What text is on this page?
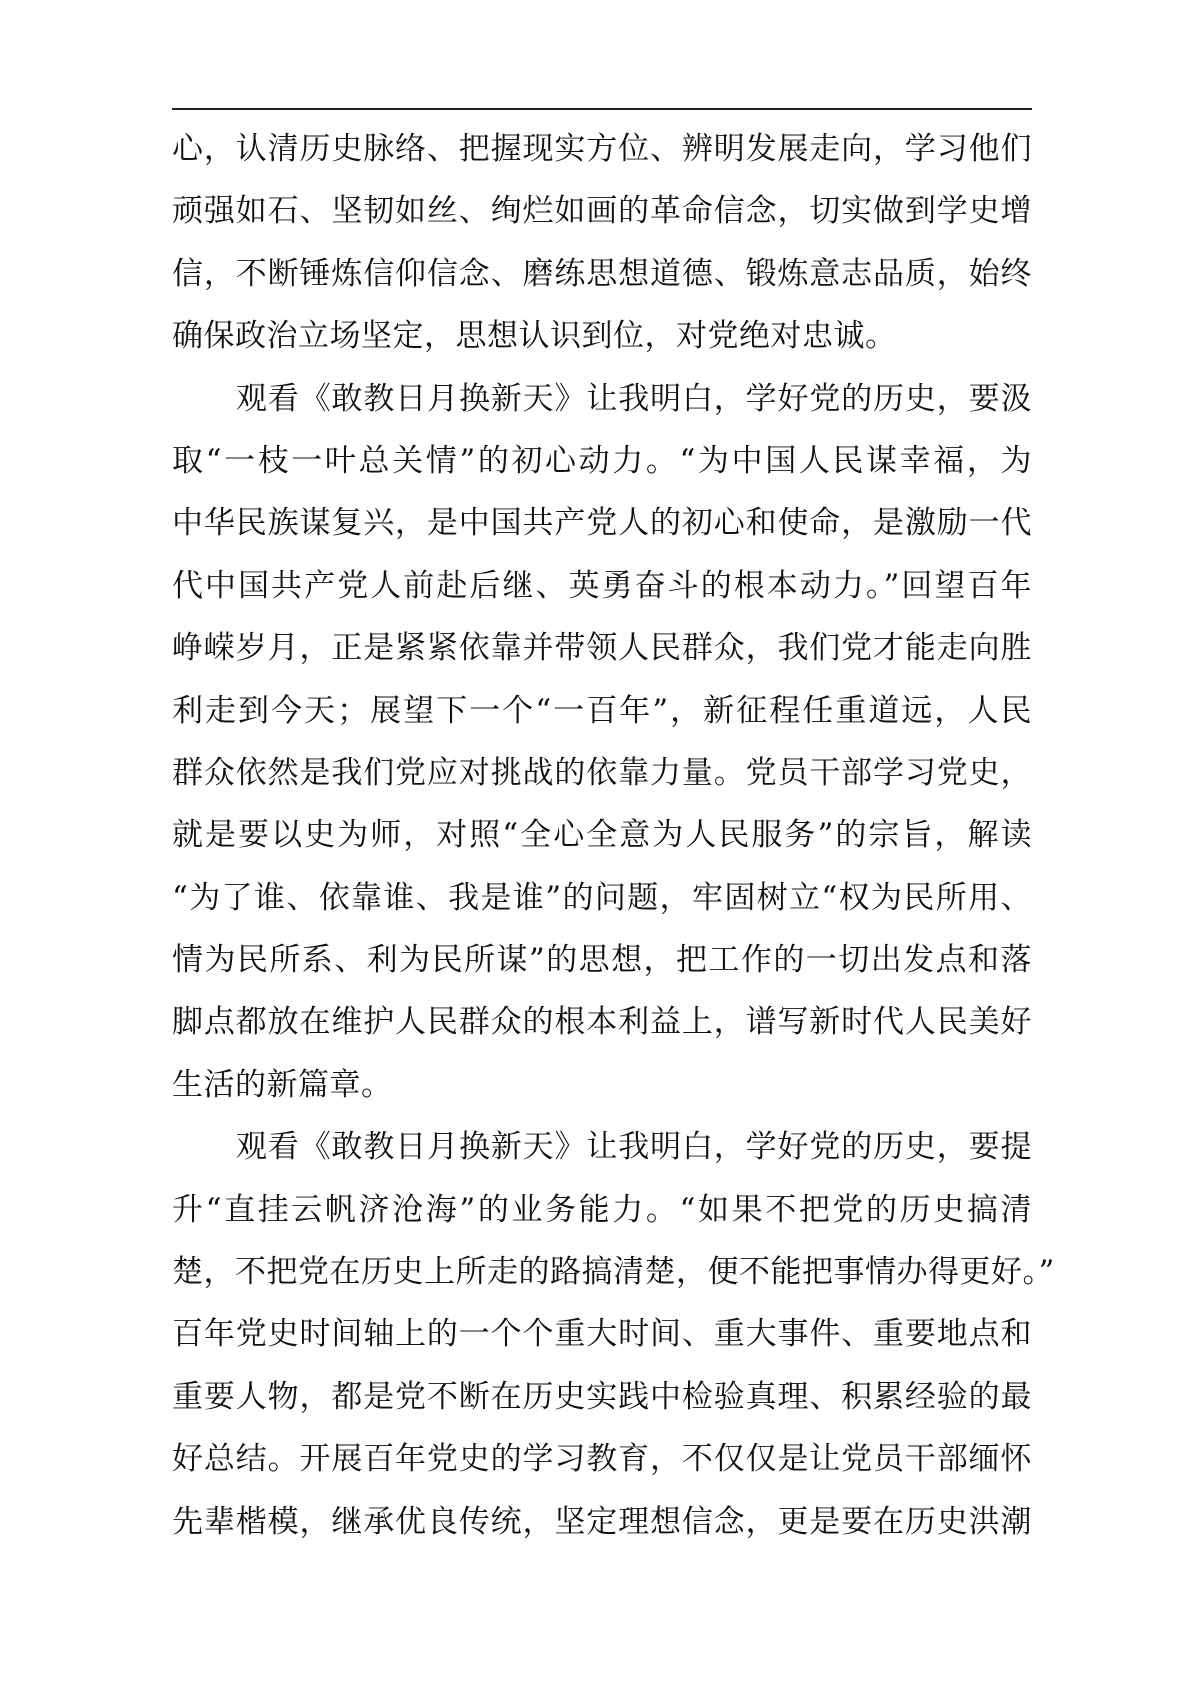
心，认清历史脉络、把握现实方位、辨明发展走向，学习他们
顽强如石、坚韧如丝、绚烂如画的革命信念，切实做到学史增
信，不断锤炼信仰信念、磨练思想道德、锻炼意志品质，始终
确保政治立场坚定，思想认识到位，对党绝对忠诚。
观看《敢教日月换新天》让我明白，学好党的历史，要汲
取“一枝一叶总关情”的初心动力。“为中国人民谋幸福，为
中华民族谋复兴，是中国共产党人的初心和使命，是激励一代
代中国共产党人前赴后继、英勇奋斗的根本动力。”回望百年
峥嵘岁月，正是紧紧依靠并带领人民群众，我们党才能走向胜
利走到今天；展望下一个“一百年”，新征程任重道远，人民
群众依然是我们党应对挑战的依靠力量。党员干部学习党史，
就是要以史为师，对照“全心全意为人民服务”的宗旨，解读
“为了谁、依靠谁、我是谁”的问题，牢固树立“权为民所用、
情为民所系、利为民所谋”的思想，把工作的一切出发点和落
脚点都放在维护人民群众的根本利益上，谱写新时代人民美好
生活的新篇章。
观看《敢教日月换新天》让我明白，学好党的历史，要提
升“直挂云帆济沧海”的业务能力。“如果不把党的历史搞清
楚，不把党在历史上所走的路搞清楚，便不能把事情办得更好。”
百年党史时间轴上的一个个重大时间、重大事件、重要地点和
重要人物，都是党不断在历史实践中检验真理、积累经验的最
好总结。开展百年党史的学习教育，不仅仅是让党员干部缅怀
先辈楷模，继承优良传统，坚定理想信念，更是要在历史洪潮
